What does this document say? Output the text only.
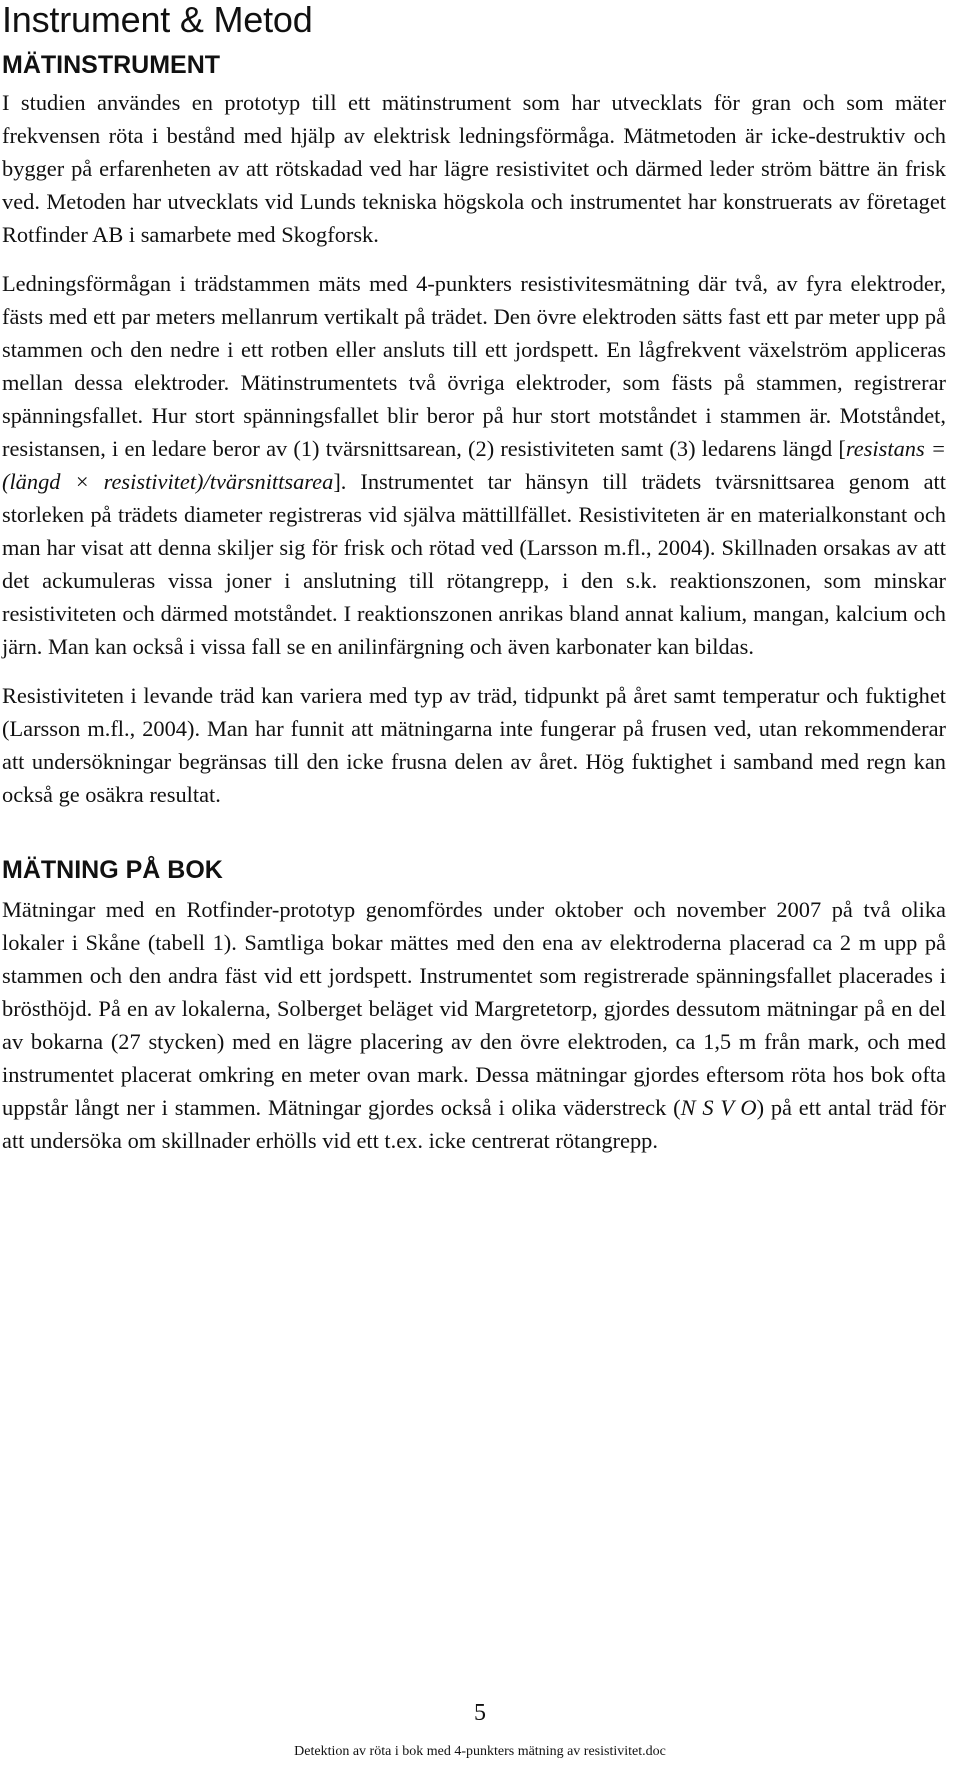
Instrument & Metod
MÄTINSTRUMENT

I studien användes en prototyp till ett mätinstrument som har utvecklats för gran och som mäter frekvensen röta i bestånd med hjälp av elektrisk ledningsförmåga. Mätmetoden är icke-destruktiv och bygger på erfarenheten av att rötskadad ved har lägre resistivitet och därmed leder ström bättre än frisk ved. Metoden har utvecklats vid Lunds tekniska högskola och instrumentet har konstruerats av företaget Rotfinder AB i samarbete med Skogforsk.

Ledningsförmågan i trädstammen mäts med 4-punkters resistivitesmätning där två, av fyra elektroder, fästs med ett par meters mellanrum vertikalt på trädet. Den övre elektroden sätts fast ett par meter upp på stammen och den nedre i ett rotben eller ansluts till ett jordspett. En lågfrekvent växelström appliceras mellan dessa elektroder. Mätinstrumentets två övriga elektroder, som fästs på stammen, registrerar spänningsfallet. Hur stort spänningsfallet blir beror på hur stort motståndet i stammen är. Motståndet, resistansen, i en ledare beror av (1) tvärsnittsarean, (2) resistiviteten samt (3) ledarens längd [resistans = (längd × resistivitet)/tvärsnittsarea]. Instrumentet tar hänsyn till trädets tvärsnittsarea genom att storleken på trädets diameter registreras vid själva mättillfället. Resistiviteten är en materialkonstant och man har visat att denna skiljer sig för frisk och rötad ved (Larsson m.fl., 2004). Skillnaden orsakas av att det ackumuleras vissa joner i anslutning till rötangrepp, i den s.k. reaktionszonen, som minskar resistiviteten och därmed motståndet. I reaktionszonen anrikas bland annat kalium, mangan, kalcium och järn. Man kan också i vissa fall se en anilinfärgning och även karbonater kan bildas.

Resistiviteten i levande träd kan variera med typ av träd, tidpunkt på året samt temperatur och fuktighet (Larsson m.fl., 2004). Man har funnit att mätningarna inte fungerar på frusen ved, utan rekommenderar att undersökningar begränsas till den icke frusna delen av året. Hög fuktighet i samband med regn kan också ge osäkra resultat.

MÄTNING PÅ BOK

Mätningar med en Rotfinder-prototyp genomfördes under oktober och november 2007 på två olika lokaler i Skåne (tabell 1). Samtliga bokar mättes med den ena av elektroderna placerad ca 2 m upp på stammen och den andra fäst vid ett jordspett. Instrumentet som registrerade spänningsfallet placerades i brösthöjd. På en av lokalerna, Solberget beläget vid Margretetorp, gjordes dessutom mätningar på en del av bokarna (27 stycken) med en lägre placering av den övre elektroden, ca 1,5 m från mark, och med instrumentet placerat omkring en meter ovan mark. Dessa mätningar gjordes eftersom röta hos bok ofta uppstår långt ner i stammen. Mätningar gjordes också i olika väderstreck (N S V O) på ett antal träd för att undersöka om skillnader erhölls vid ett t.ex. icke centrerat rötangrepp.

5
Detektion av röta i bok med 4-punkters mätning av resistivitet.doc
